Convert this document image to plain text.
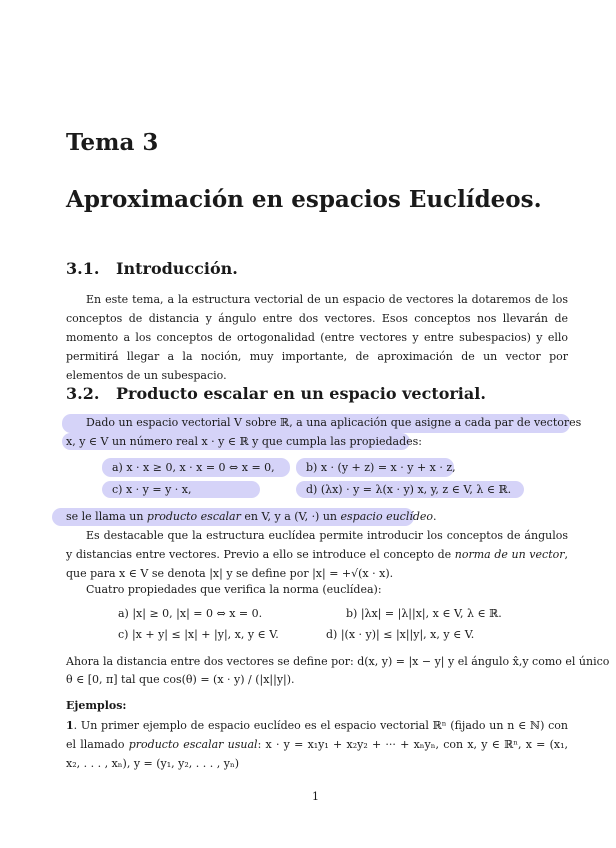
Tema 3
Aproximación en espacios Euclídeos.
3.1. Introducción.
En este tema, a la estructura vectorial de un espacio de vectores la dotaremos de los conceptos de distancia y ángulo entre dos vectores. Esos conceptos nos llevarán de momento a los conceptos de ortogonalidad (entre vectores y entre subespacios) y ello permitirá llegar a la noción, muy importante, de aproximación de un vector por elementos de un subespacio.
3.2. Producto escalar en un espacio vectorial.
Dado un espacio vectorial V sobre ℝ, a una aplicación que asigne a cada par de vectores
x, y ∈ V un número real x · y ∈ ℝ y que cumpla las propiedades:
a) x · x ≥ 0, x · x = 0 ⇔ x = 0,	b) x · (y + z) = x · y + x · z,
c) x · y = y · x,	d) (λx) · y = λ(x · y) x, y, z ∈ V, λ ∈ ℝ.
se le llama un producto escalar en V, y a (V, ·) un espacio euclídeo.
Es destacable que la estructura euclídea permite introducir los conceptos de ángulos y distancias entre vectores. Previo a ello se introduce el concepto de norma de un vector, que para x ∈ V se denota |x| y se define por |x| = +√(x · x).
Cuatro propiedades que verifica la norma (euclídea):
a) |x| ≥ 0, |x| = 0 ⇔ x = 0.	b) |λx| = |λ||x|, x ∈ V, λ ∈ ℝ.
c) |x + y| ≤ |x| + |y|, x, y ∈ V.	d) |(x · y)| ≤ |x||y|, x, y ∈ V.
Ahora la distancia entre dos vectores se define por: d(x, y) = |x − y| y el ángulo x̂,y como el único
θ ∈ [0, π] tal que cos(θ) = (x · y) / (|x||y|).
Ejemplos:
1. Un primer ejemplo de espacio euclídeo es el espacio vectorial ℝⁿ (fijado un n ∈ ℕ) con el llamado producto escalar usual: x · y = x₁y₁ + x₂y₂ + ··· + xₙyₙ, con x, y ∈ ℝⁿ, x = (x₁, x₂, . . . , xₙ), y = (y₁, y₂, . . . , yₙ)
1
